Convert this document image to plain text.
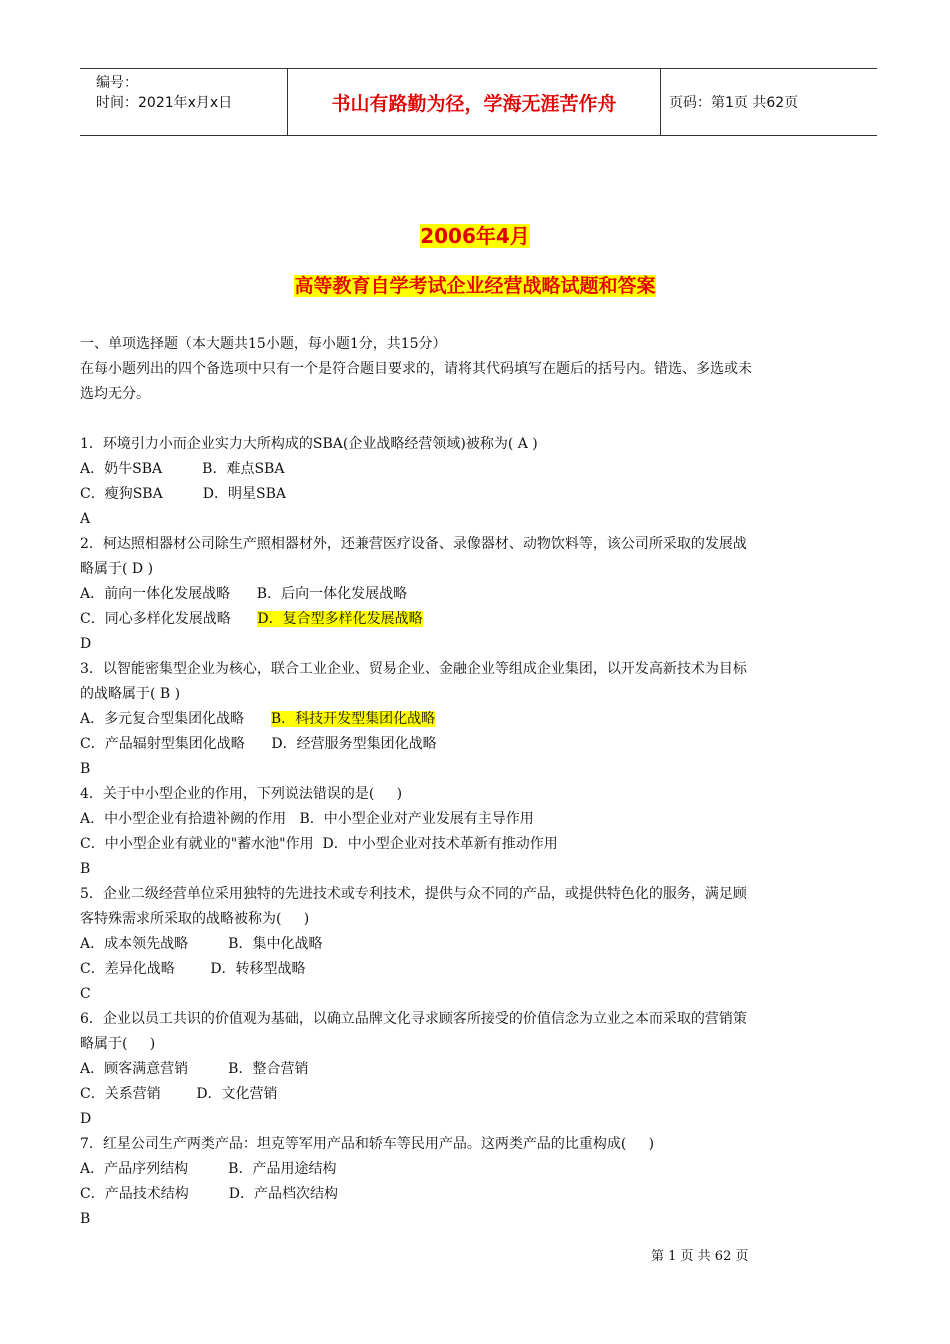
编号：
时间：2021年x月x日	书山有路勤为径，学海无涯苦作舟	页码：第1页 共62页
2006年4月
高等教育自学考试企业经营战略试题和答案
一、单项选择题（本大题共15小题，每小题1分，共15分）
在每小题列出的四个备选项中只有一个是符合题目要求的，请将其代码填写在题后的括号内。错选、多选或未
选均无分。
1．环境引力小而企业实力大所构成的SBA(企业战略经营领域)被称为( A )
A．奶牛SBA         B．难点SBA
C．瘦狗SBA         D．明星SBA
A
2．柯达照相器材公司除生产照相器材外，还兼营医疗设备、录像器材、动物饮料等，该公司所采取的发展战
略属于( D )
A．前向一体化发展战略      B．后向一体化发展战略
C．同心多样化发展战略      D．复合型多样化发展战略
D
3．以智能密集型企业为核心，联合工业企业、贸易企业、金融企业等组成企业集团，以开发高新技术为目标
的战略属于( B )
A．多元复合型集团化战略      B．科技开发型集团化战略
C．产品辐射型集团化战略      D．经营服务型集团化战略
B
4．关于中小型企业的作用，下列说法错误的是(     )
A．中小型企业有拾遗补阙的作用   B．中小型企业对产业发展有主导作用
C．中小型企业有就业的"蓄水池"作用  D．中小型企业对技术革新有推动作用
B
5．企业二级经营单位采用独特的先进技术或专利技术，提供与众不同的产品，或提供特色化的服务，满足顾
客特殊需求所采取的战略被称为(     )
A．成本领先战略         B．集中化战略
C．差异化战略        D．转移型战略
C
6．企业以员工共识的价值观为基础，以确立品牌文化寻求顾客所接受的价值信念为立业之本而采取的营销策
略属于(     )
A．顾客满意营销         B．整合营销
C．关系营销        D．文化营销
D
7．红星公司生产两类产品：坦克等军用产品和轿车等民用产品。这两类产品的比重构成(     )
A．产品序列结构         B．产品用途结构
C．产品技术结构         D．产品档次结构
B
第 1 页 共 62 页
